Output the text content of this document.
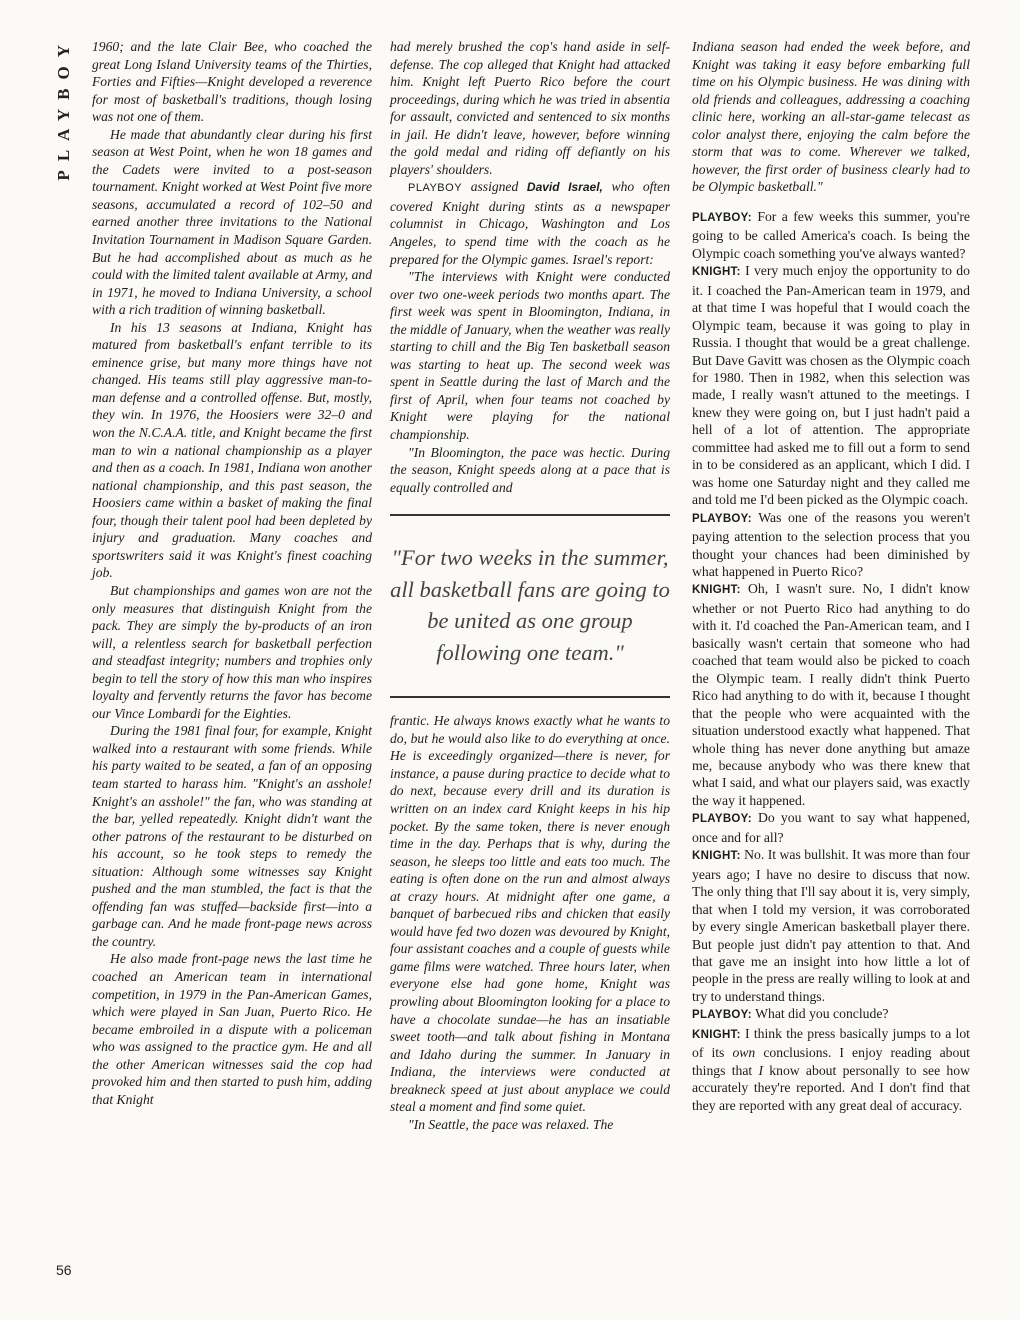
PLAYBOY
56

1960; and the late Clair Bee, who coached the great Long Island University teams of the Thirties, Forties and Fifties—Knight developed a reverence for most of basketball's traditions, though losing was not one of them.

He made that abundantly clear during his first season at West Point, when he won 18 games and the Cadets were invited to a post-season tournament. Knight worked at West Point five more seasons, accumulated a record of 102–50 and earned another three invitations to the National Invitation Tournament in Madison Square Garden. But he had accomplished about as much as he could with the limited talent available at Army, and in 1971, he moved to Indiana University, a school with a rich tradition of winning basketball.

In his 13 seasons at Indiana, Knight has matured from basketball's enfant terrible to its eminence grise, but many more things have not changed. His teams still play aggressive man-to-man defense and a controlled offense. But, mostly, they win. In 1976, the Hoosiers were 32–0 and won the N.C.A.A. title, and Knight became the first man to win a national championship as a player and then as a coach. In 1981, Indiana won another national championship, and this past season, the Hoosiers came within a basket of making the final four, though their talent pool had been depleted by injury and graduation. Many coaches and sportswriters said it was Knight's finest coaching job.

But championships and games won are not the only measures that distinguish Knight from the pack. They are simply the by-products of an iron will, a relentless search for basketball perfection and steadfast integrity; numbers and trophies only begin to tell the story of how this man who inspires loyalty and fervently returns the favor has become our Vince Lombardi for the Eighties.

During the 1981 final four, for example, Knight walked into a restaurant with some friends. While his party waited to be seated, a fan of an opposing team started to harass him. "Knight's an asshole! Knight's an asshole!" the fan, who was standing at the bar, yelled repeatedly. Knight didn't want the other patrons of the restaurant to be disturbed on his account, so he took steps to remedy the situation: Although some witnesses say Knight pushed and the man stumbled, the fact is that the offending fan was stuffed—backside first—into a garbage can. And he made front-page news across the country.

He also made front-page news the last time he coached an American team in international competition, in 1979 in the Pan-American Games, which were played in San Juan, Puerto Rico. He became embroiled in a dispute with a policeman who was assigned to the practice gym. He and all the other American witnesses said the cop had provoked him and then started to push him, adding that Knight

had merely brushed the cop's hand aside in self-defense. The cop alleged that Knight had attacked him. Knight left Puerto Rico before the court proceedings, during which he was tried in absentia for assault, convicted and sentenced to six months in jail. He didn't leave, however, before winning the gold medal and riding off defiantly on his players' shoulders.

PLAYBOY assigned David Israel, who often covered Knight during stints as a newspaper columnist in Chicago, Washington and Los Angeles, to spend time with the coach as he prepared for the Olympic games. Israel's report:

"The interviews with Knight were conducted over two one-week periods two months apart. The first week was spent in Bloomington, Indiana, in the middle of January, when the weather was really starting to chill and the Big Ten basketball season was starting to heat up. The second week was spent in Seattle during the last of March and the first of April, when four teams not coached by Knight were playing for the national championship.

"In Bloomington, the pace was hectic. During the season, Knight speeds along at a pace that is equally controlled and

"For two weeks in the summer, all basketball fans are going to be united as one group following one team."

frantic. He always knows exactly what he wants to do, but he would also like to do everything at once. He is exceedingly organized—there is never, for instance, a pause during practice to decide what to do next, because every drill and its duration is written on an index card Knight keeps in his hip pocket. By the same token, there is never enough time in the day. Perhaps that is why, during the season, he sleeps too little and eats too much. The eating is often done on the run and almost always at crazy hours. At midnight after one game, a banquet of barbecued ribs and chicken that easily would have fed two dozen was devoured by Knight, four assistant coaches and a couple of guests while game films were watched. Three hours later, when everyone else had gone home, Knight was prowling about Bloomington looking for a place to have a chocolate sundae—he has an insatiable sweet tooth—and talk about fishing in Montana and Idaho during the summer. In January in Indiana, the interviews were conducted at breakneck speed at just about anyplace we could steal a moment and find some quiet.

"In Seattle, the pace was relaxed. The

Indiana season had ended the week before, and Knight was taking it easy before embarking full time on his Olympic business. He was dining with old friends and colleagues, addressing a coaching clinic here, working an all-star-game telecast as color analyst there, enjoying the calm before the storm that was to come. Wherever we talked, however, the first order of business clearly had to be Olympic basketball."

PLAYBOY: For a few weeks this summer, you're going to be called America's coach. Is being the Olympic coach something you've always wanted?

KNIGHT: I very much enjoy the opportunity to do it. I coached the Pan-American team in 1979, and at that time I was hopeful that I would coach the Olympic team, because it was going to play in Russia. I thought that would be a great challenge. But Dave Gavitt was chosen as the Olympic coach for 1980. Then in 1982, when this selection was made, I really wasn't attuned to the meetings. I knew they were going on, but I just hadn't paid a hell of a lot of attention. The appropriate committee had asked me to fill out a form to send in to be considered as an applicant, which I did. I was home one Saturday night and they called me and told me I'd been picked as the Olympic coach.

PLAYBOY: Was one of the reasons you weren't paying attention to the selection process that you thought your chances had been diminished by what happened in Puerto Rico?

KNIGHT: Oh, I wasn't sure. No, I didn't know whether or not Puerto Rico had anything to do with it. I'd coached the Pan-American team, and I basically wasn't certain that someone who had coached that team would also be picked to coach the Olympic team. I really didn't think Puerto Rico had anything to do with it, because I thought that the people who were acquainted with the situation understood exactly what happened. That whole thing has never done anything but amaze me, because anybody who was there knew that what I said, and what our players said, was exactly the way it happened.

PLAYBOY: Do you want to say what happened, once and for all?

KNIGHT: No. It was bullshit. It was more than four years ago; I have no desire to discuss that now. The only thing that I'll say about it is, very simply, that when I told my version, it was corroborated by every single American basketball player there. But people just didn't pay attention to that. And that gave me an insight into how little a lot of people in the press are really willing to look at and try to understand things.

PLAYBOY: What did you conclude?

KNIGHT: I think the press basically jumps to a lot of its own conclusions. I enjoy reading about things that I know about personally to see how accurately they're reported. And I don't find that they are reported with any great deal of accuracy.
